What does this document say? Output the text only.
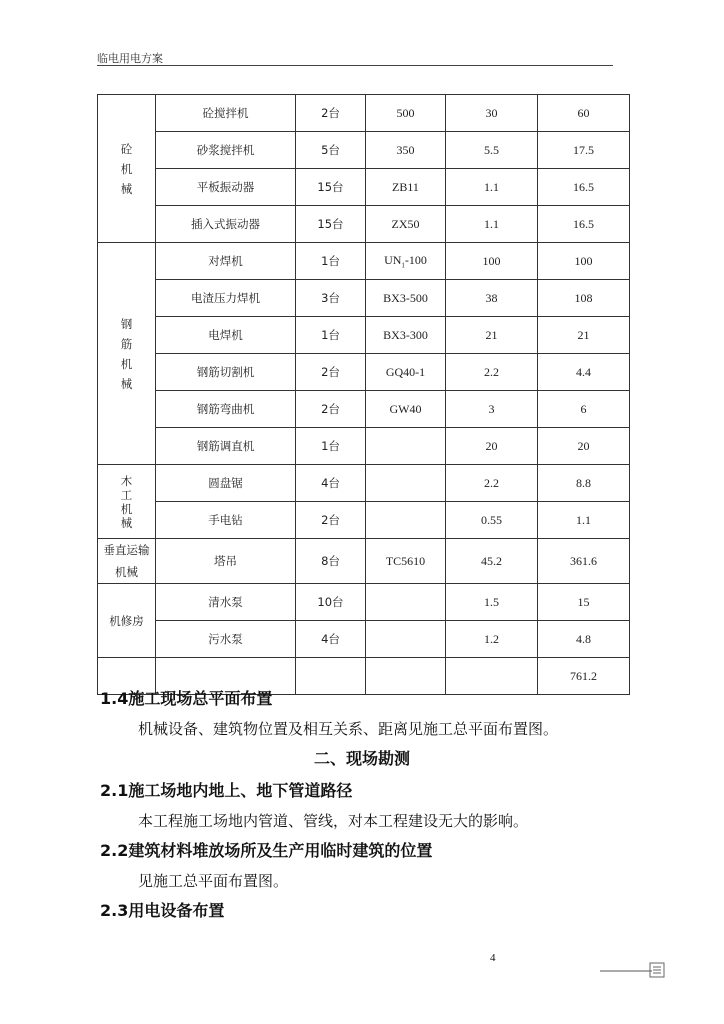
临电用电方案
砼
机
械	砼搅拌机	2台	500	30	60
	砂浆搅拌机	5台	350	5.5	17.5
	平板振动器	15台	ZB11	1.1	16.5
	插入式振动器	15台	ZX50	1.1	16.5
钢
筋
机
械	对焊机	1台	$UN_1-100$	100	100
	电渣压力焊机	3台	BX3-500	38	108
	电焊机	1台	BX3-300	21	21
	钢筋切割机	2台	GQ40-1	2.2	4.4
	钢筋弯曲机	2台	GW40	3	6
	钢筋调直机	1台		20	20
木
工
机
械	圆盘锯	4台		2.2	8.8
	手电钻	2台		0.55	1.1
垂直运输
机械	塔吊	8台	TC5610	45.2	361.6
机修房	清水泵	10台		1.5	15
	污水泵	4台		1.2	4.8
					761.2
1.4施工现场总平面布置
机械设备、建筑物位置及相互关系、距离见施工总平面布置图。
二、现场勘测
2.1施工场地内地上、地下管道路径
本工程施工场地内管道、管线，对本工程建设无大的影响。
2.2建筑材料堆放场所及生产用临时建筑的位置
见施工总平面布置图。
2.3用电设备布置
4
